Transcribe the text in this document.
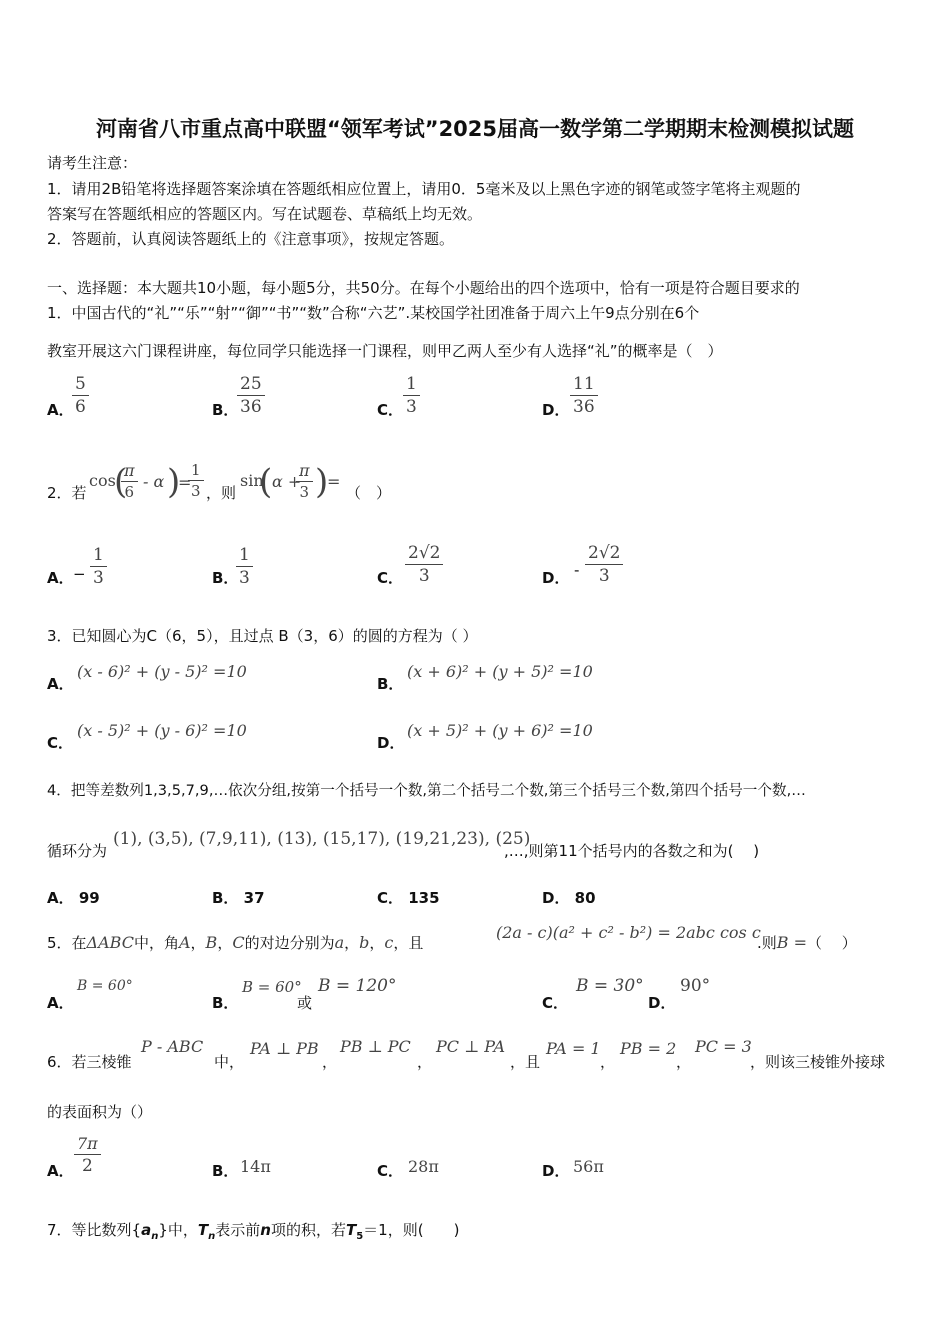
河南省八市重点高中联盟“领军考试”2025届高一数学第二学期期末检测模拟试题
请考生注意：
1．请用2B铅笔将选择题答案涂填在答题纸相应位置上，请用0．5毫米及以上黑色字迹的钢笔或签字笔将主观题的
答案写在答题纸相应的答题区内。写在试题卷、草稿纸上均无效。
2．答题前，认真阅读答题纸上的《注意事项》，按规定答题。
一、选择题：本大题共10小题，每小题5分，共50分。在每个小题给出的四个选项中，恰有一项是符合题目要求的
1．中国古代的“礼”“乐”“射”“御”“书”“数”合称“六艺”.某校国学社团准备于周六上午9点分别在6个
教室开展这六门课程讲座，每位同学只能选择一门课程，则甲乙两人至少有人选择“礼”的概率是（　）
A．
$\frac{5}{6}$	B．
$\frac{25}{36}$	C． $\frac{1}{3}$	D． $\frac{11}{36}$
2．若
cos
(
$\frac{\pi}{6}$ - α )
=
$\frac{1}{3}$ ，则
sin
( α +
$\frac{\pi}{3}$ )
=
（　）
A． − $\frac{1}{3}$	B．
$\frac{1}{3}$	C． $\frac{2√2}{3}$	D． - $\frac{2√2}{3}$
3．已知圆心为C（6，5），且过点 B（3，6）的圆的方程为（ ）
A．
(x - 6)² + (y - 5)² =10
B．
(x + 6)² + (y + 5)² =10
C．
(x - 5)² + (y - 6)² =10
D．
(x + 5)² + (y + 6)² =10
4．把等差数列1,3,5,7,9,…依次分组,按第一个括号一个数,第二个括号二个数,第三个括号三个数,第四个括号一个数,…
循环分为
(1), (3,5), (7,9,11), (13), (15,17), (19,21,23), (25)
,…,则第11个括号内的各数之和为(　 )
A． 99	B． 37	C． 135	D． 80
5．在ΔABC中，角A，B，C的对边分别为a，b，c，且
(2a - c)(a² + c² - b²) = 2abc cos c
.则B =（　 ）
A．
B = 60°
B．
B = 60°
或
B = 120°
C．
B = 30°
D．
90°
6．若三棱锥
P - ABC
中，
PA ⊥ PB
，
PB ⊥ PC
，
PC ⊥ PA
，且
PA = 1
，
PB = 2
，
PC = 3
，则该三棱锥外接球
的表面积为（）
A． $\frac{7\pi}{2}$	B． 14π	C． 28π	D． 56π
7．等比数列$\{a_n\}$中，$T_n$表示前n项的积，若$T_5=1$，则(　　)
